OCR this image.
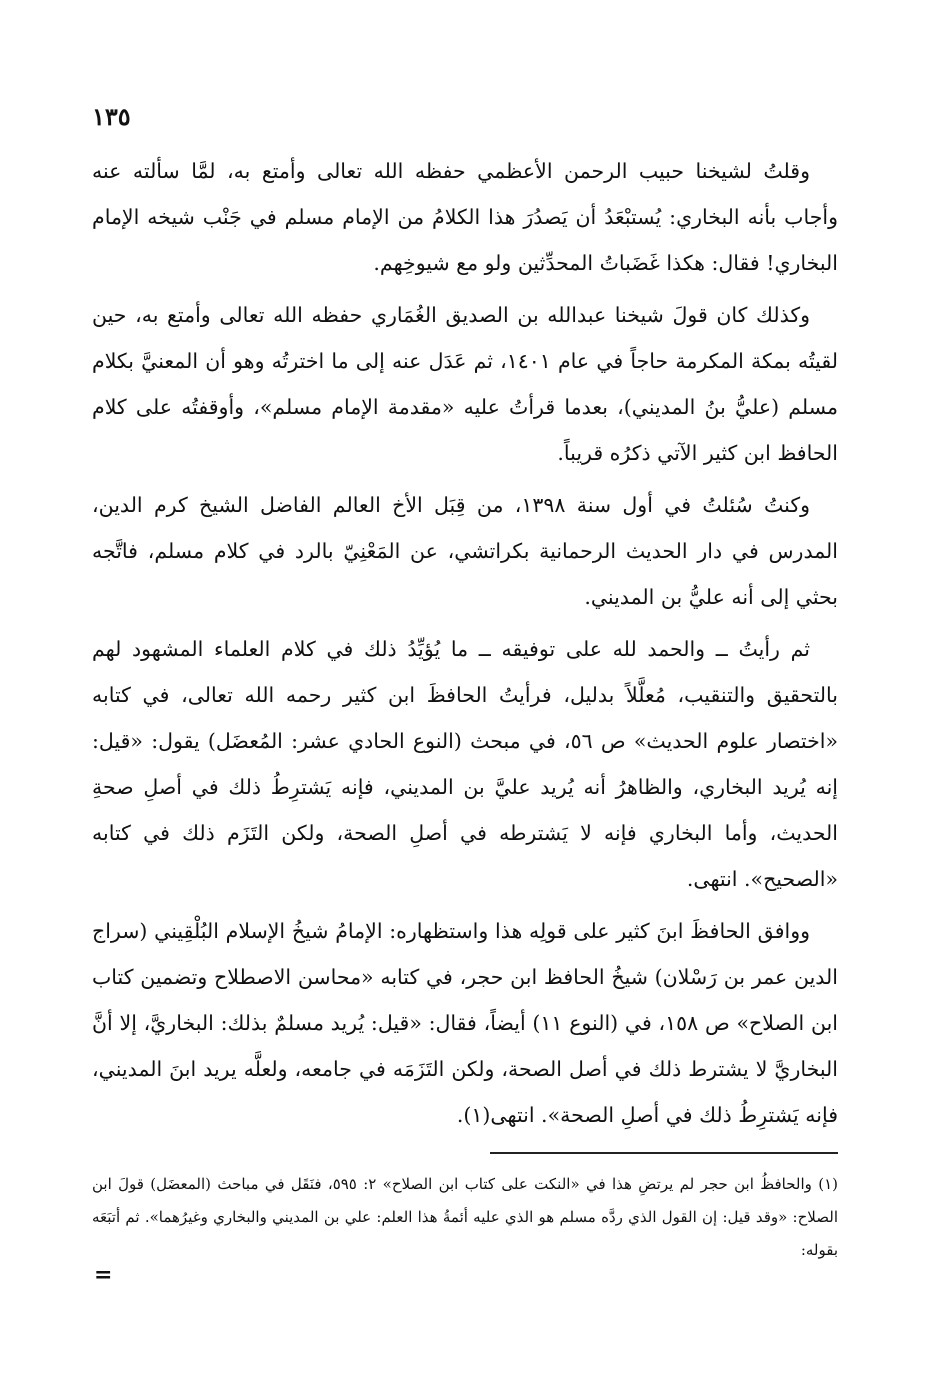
١٣٥

وقلتُ لشيخنا حبيب الرحمن الأعظمي حفظه الله تعالى وأمتع به، لمَّا سألته عنه وأجاب بأنه البخاري: يُستبْعَدُ أن يَصدُرَ هذا الكلامُ من الإمام مسلم في جَنْب شيخه الإمام البخاري! فقال: هكذا غَضَباتُ المحدِّثين ولو مع شيوخِهم.

وكذلك كان قولَ شيخنا عبدالله بن الصديق الغُمَاري حفظه الله تعالى وأمتع به، حين لقيتُه بمكة المكرمة حاجاً في عام ١٤٠١، ثم عَدَل عنه إلى ما اخترتُه وهو أن المعنيَّ بكلام مسلم (عليُّ بنُ المديني)، بعدما قرأتُ عليه «مقدمة الإمام مسلم»، وأوقفتُه على كلام الحافظ ابن كثير الآتي ذكرُه قريباً.

وكنتُ سُئلتُ في أول سنة ١٣٩٨، من قِبَل الأخ العالم الفاضل الشيخ كرم الدين، المدرس في دار الحديث الرحمانية بكراتشي، عن المَعْنِيّ بالرد في كلام مسلم، فاتَّجه بحثي إلى أنه عليُّ بن المديني.

ثم رأيتُ ــ والحمد لله على توفيقه ــ ما يُؤيِّدُ ذلك في كلام العلماء المشهود لهم بالتحقيق والتنقيب، مُعلَّلاً بدليل، فرأيتُ الحافظَ ابن كثير رحمه الله تعالى، في كتابه «اختصار علوم الحديث» ص ٥٦، في مبحث (النوع الحادي عشر: المُعضَل) يقول: «قيل: إنه يُريد البخاري، والظاهرُ أنه يُريد عليَّ بن المديني، فإنه يَشترِطُ ذلك في أصلِ صحةِ الحديث، وأما البخاري فإنه لا يَشترطه في أصلِ الصحة، ولكن التَزَم ذلك في كتابه «الصحيح». انتهى.

ووافق الحافظَ ابنَ كثير على قولِه هذا واستظهاره: الإمامُ شيخُ الإسلام البُلْقِيني (سراج الدين عمر بن رَسْلان) شيخُ الحافظ ابن حجر، في كتابه «محاسن الاصطلاح وتضمين كتاب ابن الصلاح» ص ١٥٨، في (النوع ١١) أيضاً، فقال: «قيل: يُريد مسلمٌ بذلك: البخاريَّ، إلا أنَّ البخاريَّ لا يشترط ذلك في أصل الصحة، ولكن التَزَمَه في جامعه، ولعلَّه يريد ابنَ المديني، فإنه يَشترِطُ ذلك في أصلِ الصحة». انتهى(١).

(١) والحافظُ ابن حجر لم يرتضِ هذا في «النكت على كتاب ابن الصلاح» ٢: ٥٩٥، فنَقَل في مباحث (المعضَل) قولَ ابن الصلاح: «وقد قيل: إن القول الذي ردَّه مسلم هو الذي عليه أئمةُ هذا العلم: علي بن المديني والبخاري وغيرُهما». ثم أتبَعَه بقوله:

=
